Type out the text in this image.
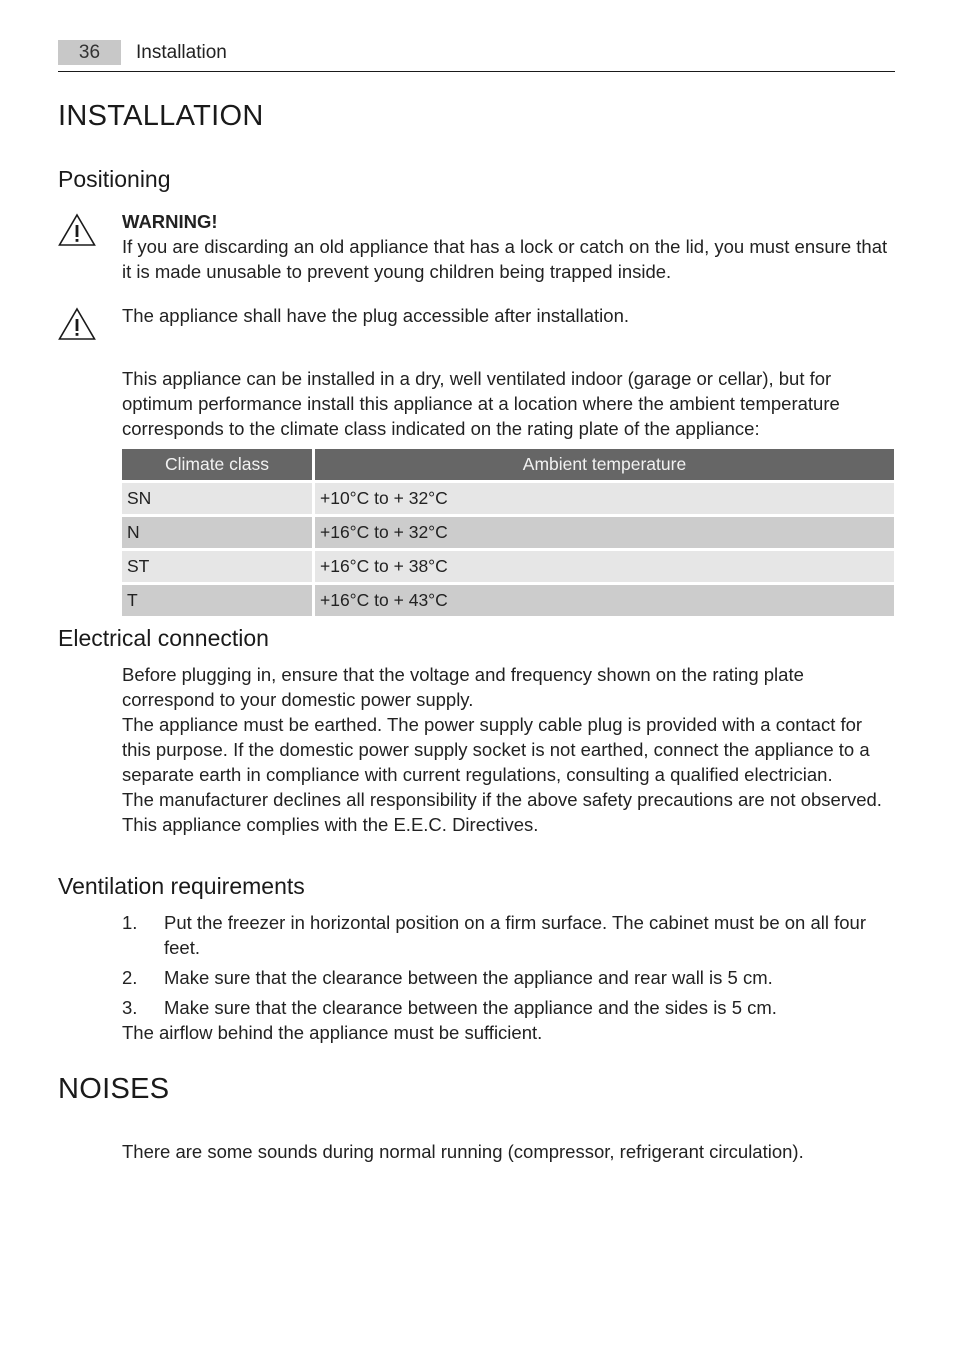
36	Installation
INSTALLATION
Positioning
WARNING!
If you are discarding an old appliance that has a lock or catch on the lid, you must ensure that it is made unusable to prevent young children being trapped inside.
The appliance shall have the plug accessible after installation.
This appliance can be installed in a dry, well ventilated indoor (garage or cellar), but for optimum performance install this appliance at a location where the ambient temperature corresponds to the climate class indicated on the rating plate of the appliance:
Climate class	Ambient temperature
SN	+10°C to + 32°C
N	+16°C to + 32°C
ST	+16°C to + 38°C
T	+16°C to + 43°C
Electrical connection
Before plugging in, ensure that the voltage and frequency shown on the rating plate correspond to your domestic power supply.
The appliance must be earthed. The power supply cable plug is provided with a contact for this purpose. If the domestic power supply socket is not earthed, connect the appliance to a separate earth in compliance with current regulations, consulting a qualified electrician.
The manufacturer declines all responsibility if the above safety precautions are not observed.
This appliance complies with the E.E.C. Directives.
Ventilation requirements
1. Put the freezer in horizontal position on a firm surface. The cabinet must be on all four feet.
2. Make sure that the clearance between the appliance and rear wall is 5 cm.
3. Make sure that the clearance between the appliance and the sides is 5 cm.
The airflow behind the appliance must be sufficient.
NOISES
There are some sounds during normal running (compressor, refrigerant circulation).
